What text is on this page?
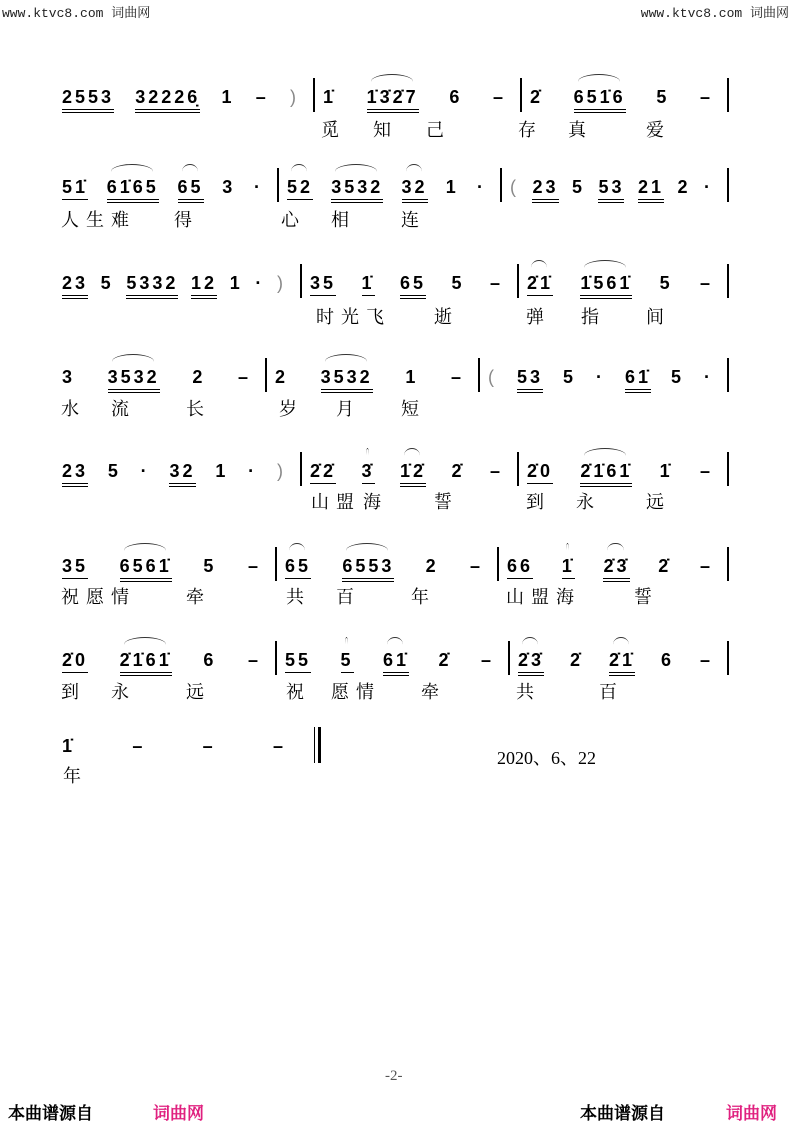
www.ktvc8.com 词曲网	www.ktvc8.com 词曲网
2553 32226̣ 1 – ) 1̇ 1̇3̇2̇7 6 – 2̇ 651̇6 5 –
觅 知 己	存 真	爱
51̇ 61̇65 65 3 · 52 3532 32 1 · ( 23 5 53 21 2 ·
人 生 难	得	心 相	连
23 5 5332 12 1 · ) 35 1̇ 65 5 – 2̇1̇ 1̇561̇ 5 –
时 光 飞	逝	弹 指	间
3 3532 2 – 2 3532 1 – ( 53 5 · 61̇ 5 ·
水 流	长	岁 月	短
23 5 · 32 1 · ) 2̇2̇ 3̇ 1̇2̇ 2̇ – 2̇0 2̇1̇61̇ 1̇ –
山 盟 海	誓	到 永	远
35 6561̇ 5 – 65 6553 2 – 66 1̇ 2̇3̇ 2̇ –
祝 愿 情	牵	共 百	年	山 盟 海	誓
2̇0 2̇1̇61̇ 6 – 55 5 61̇ 2̇ – 2̇3̇ 2̇ 2̇1̇ 6 –
到 永	远	祝 愿 情	牵	共	百
1̇	–	–	–
年
2020、6、22
-2-
本曲谱源自	词曲网	本曲谱源自	词曲网
